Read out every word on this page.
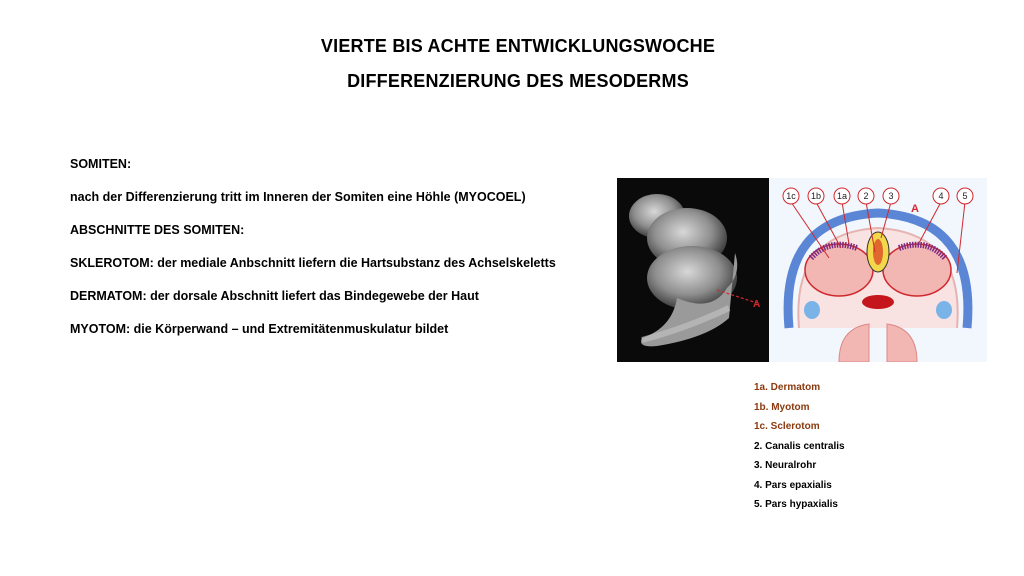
VIERTE BIS ACHTE ENTWICKLUNGSWOCHE
DIFFERENZIERUNG DES MESODERMS

SOMITEN:

nach der Differenzierung tritt im Inneren der Somiten eine Höhle (MYOCOEL)

ABSCHNITTE DES SOMITEN:

SKLEROTOM: der mediale Anbschnitt liefern die Hartsubstanz des Achselskeletts

DERMATOM: der dorsale Abschnitt liefert das Bindegewebe der Haut

MYOTOM: die Körperwand – und Extremitätenmuskulatur bildet

A
1c 1b 1a 2 3	4 5
A
1a. Dermatom
1b. Myotom
1c. Sclerotom
2. Canalis centralis
3. Neuralrohr
4. Pars epaxialis
5. Pars hypaxialis
